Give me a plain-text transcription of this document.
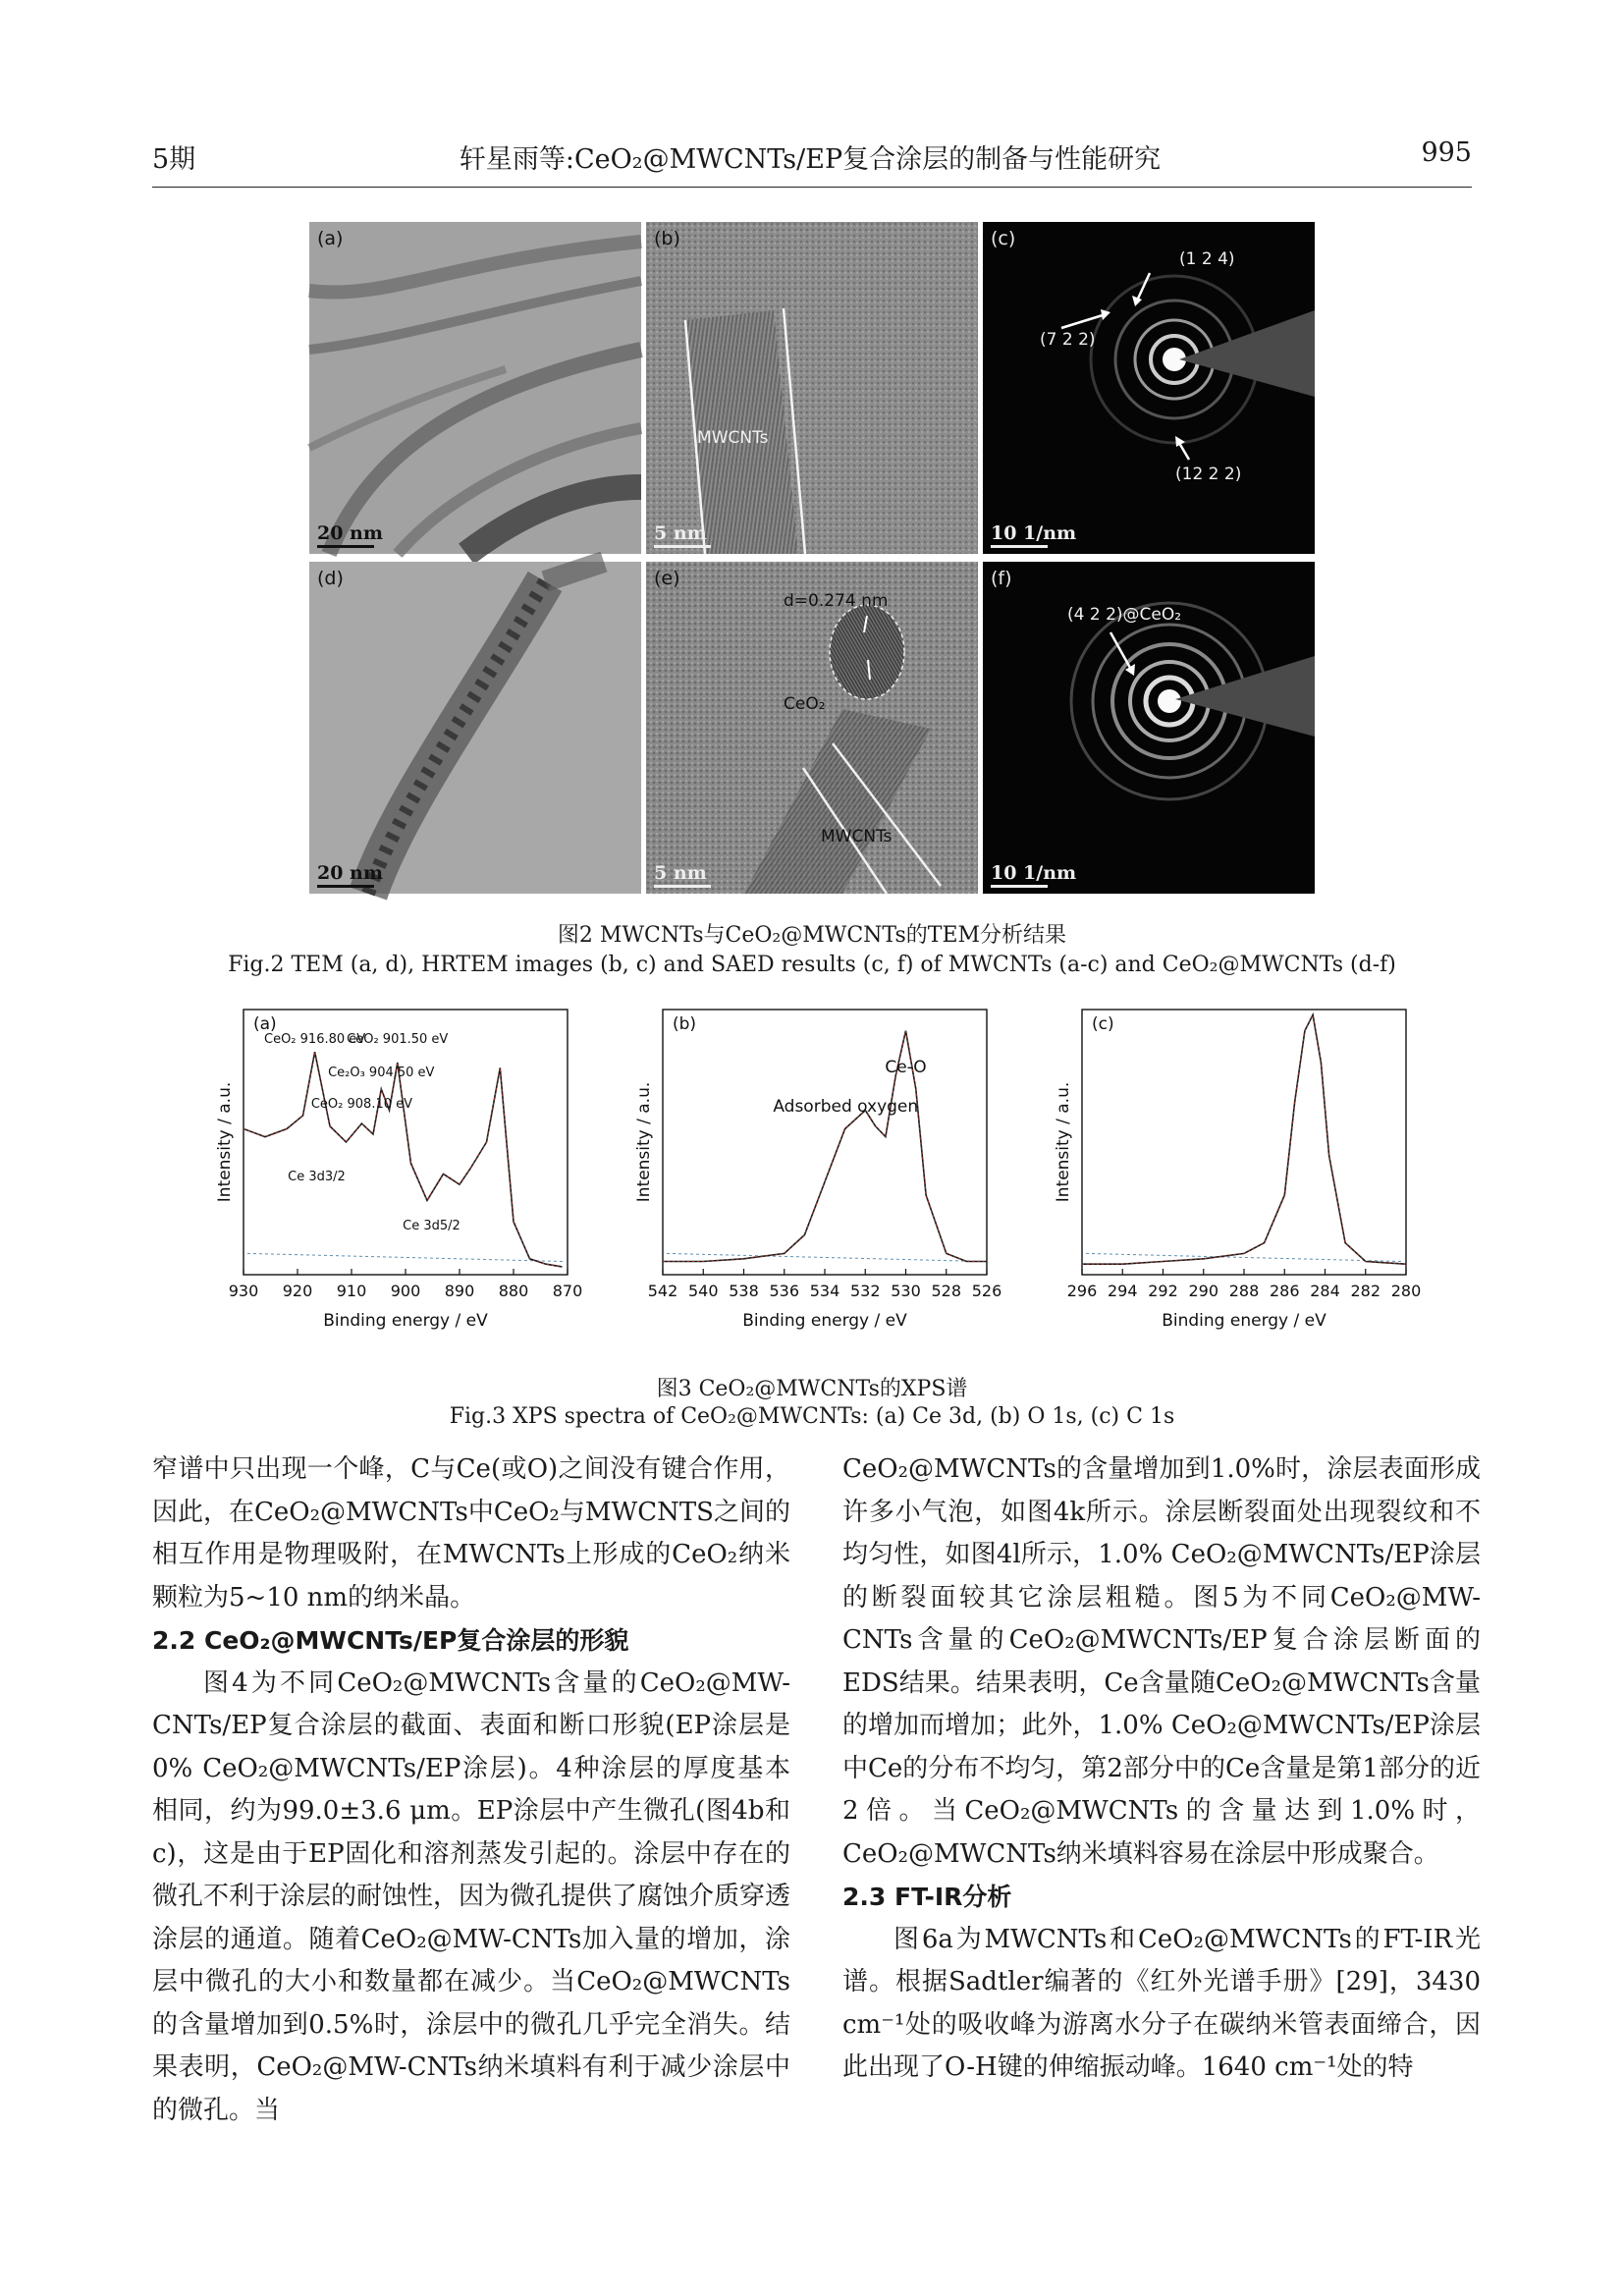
5期	轩星雨等:CeO₂@MWCNTs/EP复合涂层的制备与性能研究	995
(a)
20 nm
(b)
MWCNTs
5 nm
(c)
(1 2 4)
(7 2 2)
(12 2 2)
10 1/nm
(d)
20 nm
(e)
d=0.274 nm
CeO₂
MWCNTs
5 nm
(f)
(4 2 2)@CeO₂
10 1/nm
图2 MWCNTs与CeO₂@MWCNTs的TEM分析结果
Fig.2 TEM (a, d), HRTEM images (b, c) and SAED results (c, f) of MWCNTs (a-c) and CeO₂@MWCNTs (d-f)
930 920 910 900 890 880 870
Binding energy / eV
Intensity / a.u.
(a)
CeO₂ 916.80 eV
Ce₂O₃ 904.50 eV
CeO₂ 908.10 eV
CeO₂ 901.50 eV
Ce 3d5/2
Ce 3d3/2
542 540 538 536 534 532 530 528 526
Binding energy / eV
Intensity / a.u.
(b)
Ce-O
Adsorbed oxygen
296 294 292 290 288 286 284 282 280
Binding energy / eV
Intensity / a.u.
(c)
图3 CeO₂@MWCNTs的XPS谱
Fig.3 XPS spectra of CeO₂@MWCNTs: (a) Ce 3d, (b) O 1s, (c) C 1s

窄谱中只出现一个峰，C与Ce(或O)之间没有键合作用，因此，在CeO₂@MWCNTs中CeO₂与MWCNTS之间的相互作用是物理吸附，在MWCNTs上形成的CeO₂纳米颗粒为5~10 nm的纳米晶。

2.2 CeO₂@MWCNTs/EP复合涂层的形貌

图4为不同CeO₂@MWCNTs含量的CeO₂@MW-CNTs/EP复合涂层的截面、表面和断口形貌(EP涂层是0% CeO₂@MWCNTs/EP涂层)。4种涂层的厚度基本相同，约为99.0±3.6 μm。EP涂层中产生微孔(图4b和c)，这是由于EP固化和溶剂蒸发引起的。涂层中存在的微孔不利于涂层的耐蚀性，因为微孔提供了腐蚀介质穿透涂层的通道。随着CeO₂@MW-CNTs加入量的增加，涂层中微孔的大小和数量都在减少。当CeO₂@MWCNTs的含量增加到0.5%时，涂层中的微孔几乎完全消失。结果表明，CeO₂@MW-CNTs纳米填料有利于减少涂层中的微孔。当

CeO₂@MWCNTs的含量增加到1.0%时，涂层表面形成许多小气泡，如图4k所示。涂层断裂面处出现裂纹和不均匀性，如图4l所示，1.0% CeO₂@MWCNTs/EP涂层的断裂面较其它涂层粗糙。图5为不同CeO₂@MW-CNTs含量的CeO₂@MWCNTs/EP复合涂层断面的EDS结果。结果表明，Ce含量随CeO₂@MWCNTs含量的增加而增加；此外，1.0% CeO₂@MWCNTs/EP涂层中Ce的分布不均匀，第2部分中的Ce含量是第1部分的近2倍。当CeO₂@MWCNTs的含量达到1.0%时，CeO₂@MWCNTs纳米填料容易在涂层中形成聚合。

2.3 FT-IR分析

图6a为MWCNTs和CeO₂@MWCNTs的FT-IR光谱。根据Sadtler编著的《红外光谱手册》[29]，3430 cm⁻¹处的吸收峰为游离水分子在碳纳米管表面缔合，因此出现了O-H键的伸缩振动峰。1640 cm⁻¹处的特
